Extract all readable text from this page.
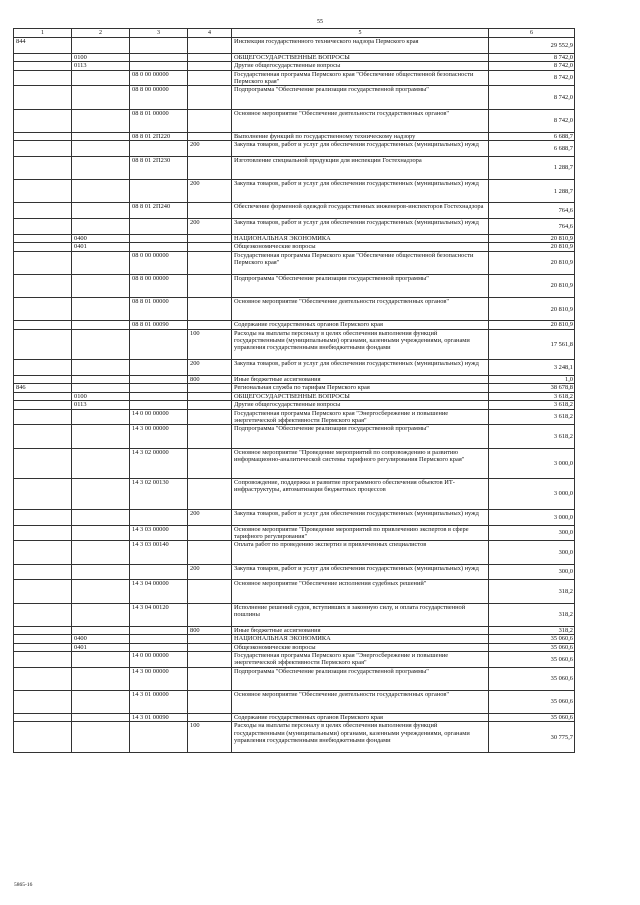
55
1	2	3	4	5	6
844				Инспекция государственного технического надзора Пермского края	29 552,9
	0100			ОБЩЕГОСУДАРСТВЕННЫЕ ВОПРОСЫ	8 742,0
	0113			Другие общегосударственные вопросы	8 742,0
		08 0 00 00000		Государственная программа Пермского края "Обеспечение общественной безопасности Пермского края"	8 742,0
		08 8 00 00000		Подпрограмма "Обеспечение реализации государственной программы"	8 742,0
		08 8 01 00000		Основное мероприятие "Обеспечение деятельности государственных органов"	8 742,0
		08 8 01 2П220		Выполнение функций по государственному техническому надзору	6 688,7
			200	Закупка товаров, работ и услуг для обеспечения государственных (муниципальных) нужд	6 688,7
		08 8 01 2П230		Изготовление специальной продукции для инспекции Гостехнадзора	1 288,7
			200	Закупка товаров, работ и услуг для обеспечения государственных (муниципальных) нужд	1 288,7
		08 8 01 2П240		Обеспечение форменной одеждой государственных инженеров-инспекторов Гостехнадзора	764,6
			200	Закупка товаров, работ и услуг для обеспечения государственных (муниципальных) нужд	764,6
	0400			НАЦИОНАЛЬНАЯ ЭКОНОМИКА	20 810,9
	0401			Общеэкономические вопросы	20 810,9
		08 0 00 00000		Государственная программа Пермского края "Обеспечение общественной безопасности Пермского края"	20 810,9
		08 8 00 00000		Подпрограмма "Обеспечение реализации государственной программы"	20 810,9
		08 8 01 00000		Основное мероприятие "Обеспечение деятельности государственных органов"	20 810,9
		08 8 01 00090		Содержание государственных органов Пермского края	20 810,9
			100	Расходы на выплаты персоналу в целях обеспечения выполнения функций государственными (муниципальными) органами, казенными учреждениями, органами управления государственными внебюджетными фондами	17 561,8
			200	Закупка товаров, работ и услуг для обеспечения государственных (муниципальных) нужд	3 248,1
			800	Иные бюджетные ассигнования	1,0
846				Региональная служба по тарифам Пермского края	38 678,8
	0100			ОБЩЕГОСУДАРСТВЕННЫЕ ВОПРОСЫ	3 618,2
	0113			Другие общегосударственные вопросы	3 618,2
		14 0 00 00000		Государственная программа Пермского края "Энергосбережение и повышение энергетической эффективности Пермского края"	3 618,2
		14 3 00 00000		Подпрограмма "Обеспечение реализации государственной программы"	3 618,2
		14 3 02 00000		Основное мероприятие "Проведение мероприятий по сопровождению и развитию информационно-аналитической системы тарифного регулирования Пермского края"	3 000,0
		14 3 02 00130		Сопровождение, поддержка и развитие программного обеспечения объектов ИТ-инфраструктуры, автоматизации бюджетных процессов	3 000,0
			200	Закупка товаров, работ и услуг для обеспечения государственных (муниципальных) нужд	3 000,0
		14 3 03 00000		Основное мероприятие "Проведение мероприятий по привлечению экспертов в сфере тарифного регулирования"	300,0
		14 3 03 00140		Оплата работ по проведению экспертиз и привлеченных специалистов	300,0
			200	Закупка товаров, работ и услуг для обеспечения государственных (муниципальных) нужд	300,0
		14 3 04 00000		Основное мероприятие "Обеспечение исполнения судебных решений"	318,2
		14 3 04 00120		Исполнение решений судов, вступивших в законную силу, и оплата государственной пошлины	318,2
			800	Иные бюджетные ассигнования	318,2
	0400			НАЦИОНАЛЬНАЯ ЭКОНОМИКА	35 060,6
	0401			Общеэкономические вопросы	35 060,6
		14 0 00 00000		Государственная программа Пермского края "Энергосбережение и повышение энергетической эффективности Пермского края"	35 060,6
		14 3 00 00000		Подпрограмма "Обеспечение реализации государственной программы"	35 060,6
		14 3 01 00000		Основное мероприятие "Обеспечение деятельности государственных органов"	35 060,6
		14 3 01 00090		Содержание государственных органов Пермского края	35 060,6
			100	Расходы на выплаты персоналу в целях обеспечения выполнения функций государственными (муниципальными) органами, казенными учреждениями, органами управления государственными внебюджетными фондами	30 775,7
5865-16
